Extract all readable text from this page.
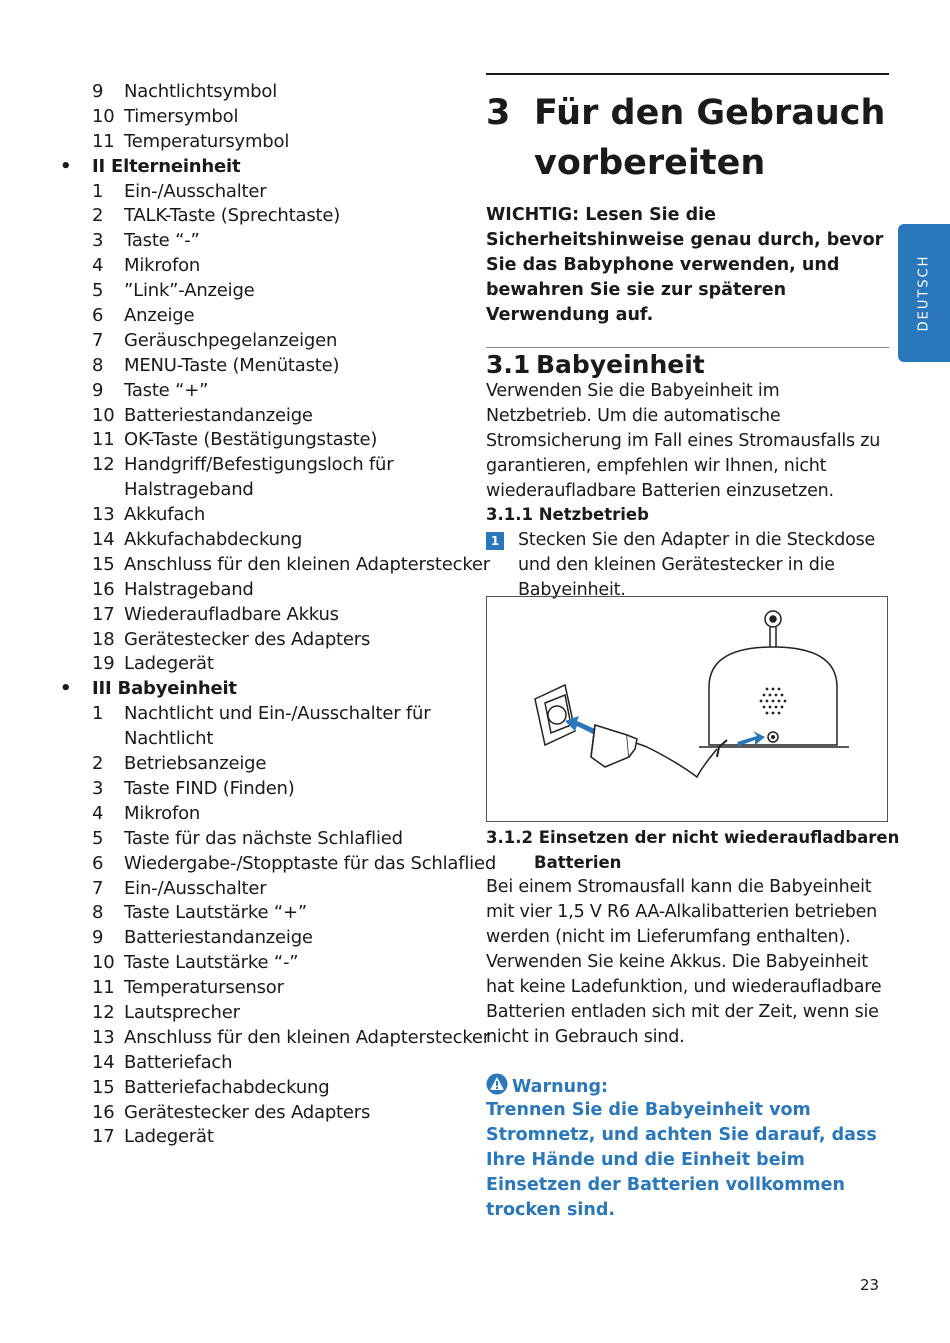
9 Nachtlichtsymbol
10 Timersymbol
11 Temperatursymbol
• II Elterneinheit
1 Ein-/Ausschalter
2 TALK-Taste (Sprechtaste)
3 Taste “-”
4 Mikrofon
5 ”Link”-Anzeige
6 Anzeige
7 Geräuschpegelanzeigen
8 MENU-Taste (Menütaste)
9 Taste “+”
10 Batteriestandanzeige
11 OK-Taste (Bestätigungstaste)
12 Handgriff/Befestigungsloch für
Halstrageband
13 Akkufach
14 Akkufachabdeckung
15 Anschluss für den kleinen Adapterstecker
16 Halstrageband
17 Wiederaufladbare Akkus
18 Gerätestecker des Adapters
19 Ladegerät
• III Babyeinheit
1 Nachtlicht und Ein-/Ausschalter für
Nachtlicht
2 Betriebsanzeige
3 Taste FIND (Finden)
4 Mikrofon
5 Taste für das nächste Schlaflied
6 Wiedergabe-/Stopptaste für das Schlaflied
7 Ein-/Ausschalter
8 Taste Lautstärke “+”
9 Batteriestandanzeige
10 Taste Lautstärke “-”
11 Temperatursensor
12 Lautsprecher
13 Anschluss für den kleinen Adapterstecker
14 Batteriefach
15 Batteriefachabdeckung
16 Gerätestecker des Adapters
17 Ladegerät
3 Für den Gebrauch
vorbereiten
WICHTIG: Lesen Sie die Sicherheitshinweise genau durch, bevor Sie das Babyphone verwenden, und bewahren Sie sie zur späteren Verwendung auf.
3.1 Babyeinheit
Verwenden Sie die Babyeinheit im Netzbetrieb. Um die automatische Stromsicherung im Fall eines Stromausfalls zu garantieren, empfehlen wir Ihnen, nicht wiederaufladbare Batterien einzusetzen.
3.1.1 Netzbetrieb
1 Stecken Sie den Adapter in die Steckdose und den kleinen Gerätestecker in die Babyeinheit.
3.1.2 Einsetzen der nicht wiederaufladbaren
Batterien
Bei einem Stromausfall kann die Babyeinheit mit vier 1,5 V R6 AA-Alkalibatterien betrieben werden (nicht im Lieferumfang enthalten).
Verwenden Sie keine Akkus. Die Babyeinheit hat keine Ladefunktion, und wiederaufladbare Batterien entladen sich mit der Zeit, wenn sie nicht in Gebrauch sind.
Warnung:
Trennen Sie die Babyeinheit vom Stromnetz, und achten Sie darauf, dass Ihre Hände und die Einheit beim Einsetzen der Batterien vollkommen trocken sind.
DEUTSCH
23
